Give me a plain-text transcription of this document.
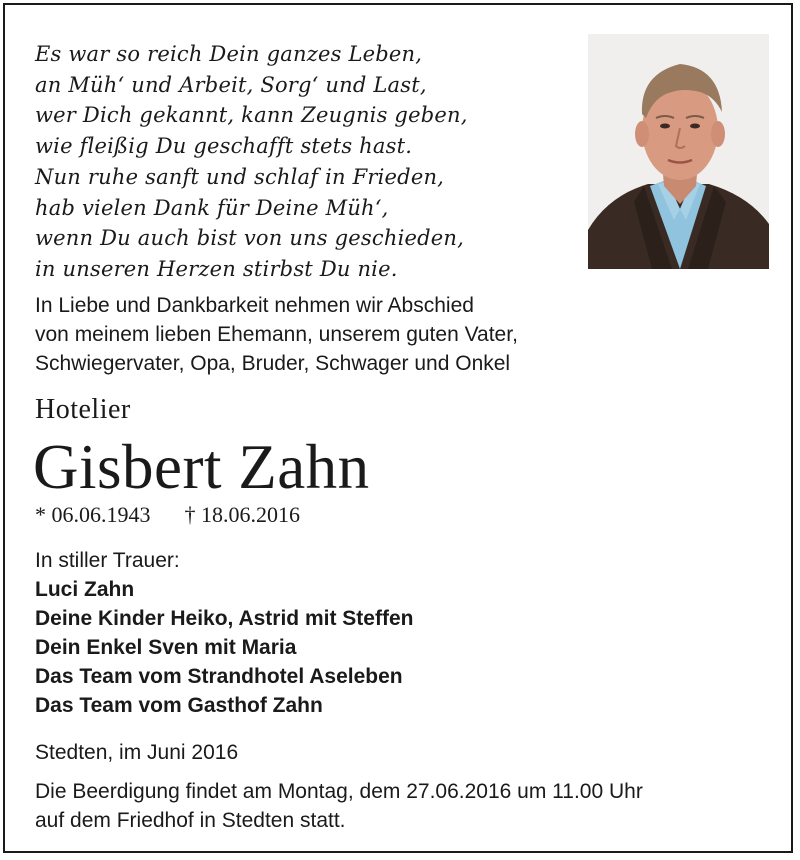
Es war so reich Dein ganzes Leben,
an Müh‘ und Arbeit, Sorg‘ und Last,
wer Dich gekannt, kann Zeugnis geben,
wie fleißig Du geschafft stets hast.
Nun ruhe sanft und schlaf in Frieden,
hab vielen Dank für Deine Müh‘,
wenn Du auch bist von uns geschieden,
in unseren Herzen stirbst Du nie.
In Liebe und Dankbarkeit nehmen wir Abschied
von meinem lieben Ehemann, unserem guten Vater,
Schwiegervater, Opa, Bruder, Schwager und Onkel
Hotelier
Gisbert Zahn
* 06.06.1943 † 18.06.2016
In stiller Trauer:
Luci Zahn
Deine Kinder Heiko, Astrid mit Steffen
Dein Enkel Sven mit Maria
Das Team vom Strandhotel Aseleben
Das Team vom Gasthof Zahn
Stedten, im Juni 2016
Die Beerdigung findet am Montag, dem 27.06.2016 um 11.00 Uhr
auf dem Friedhof in Stedten statt.
